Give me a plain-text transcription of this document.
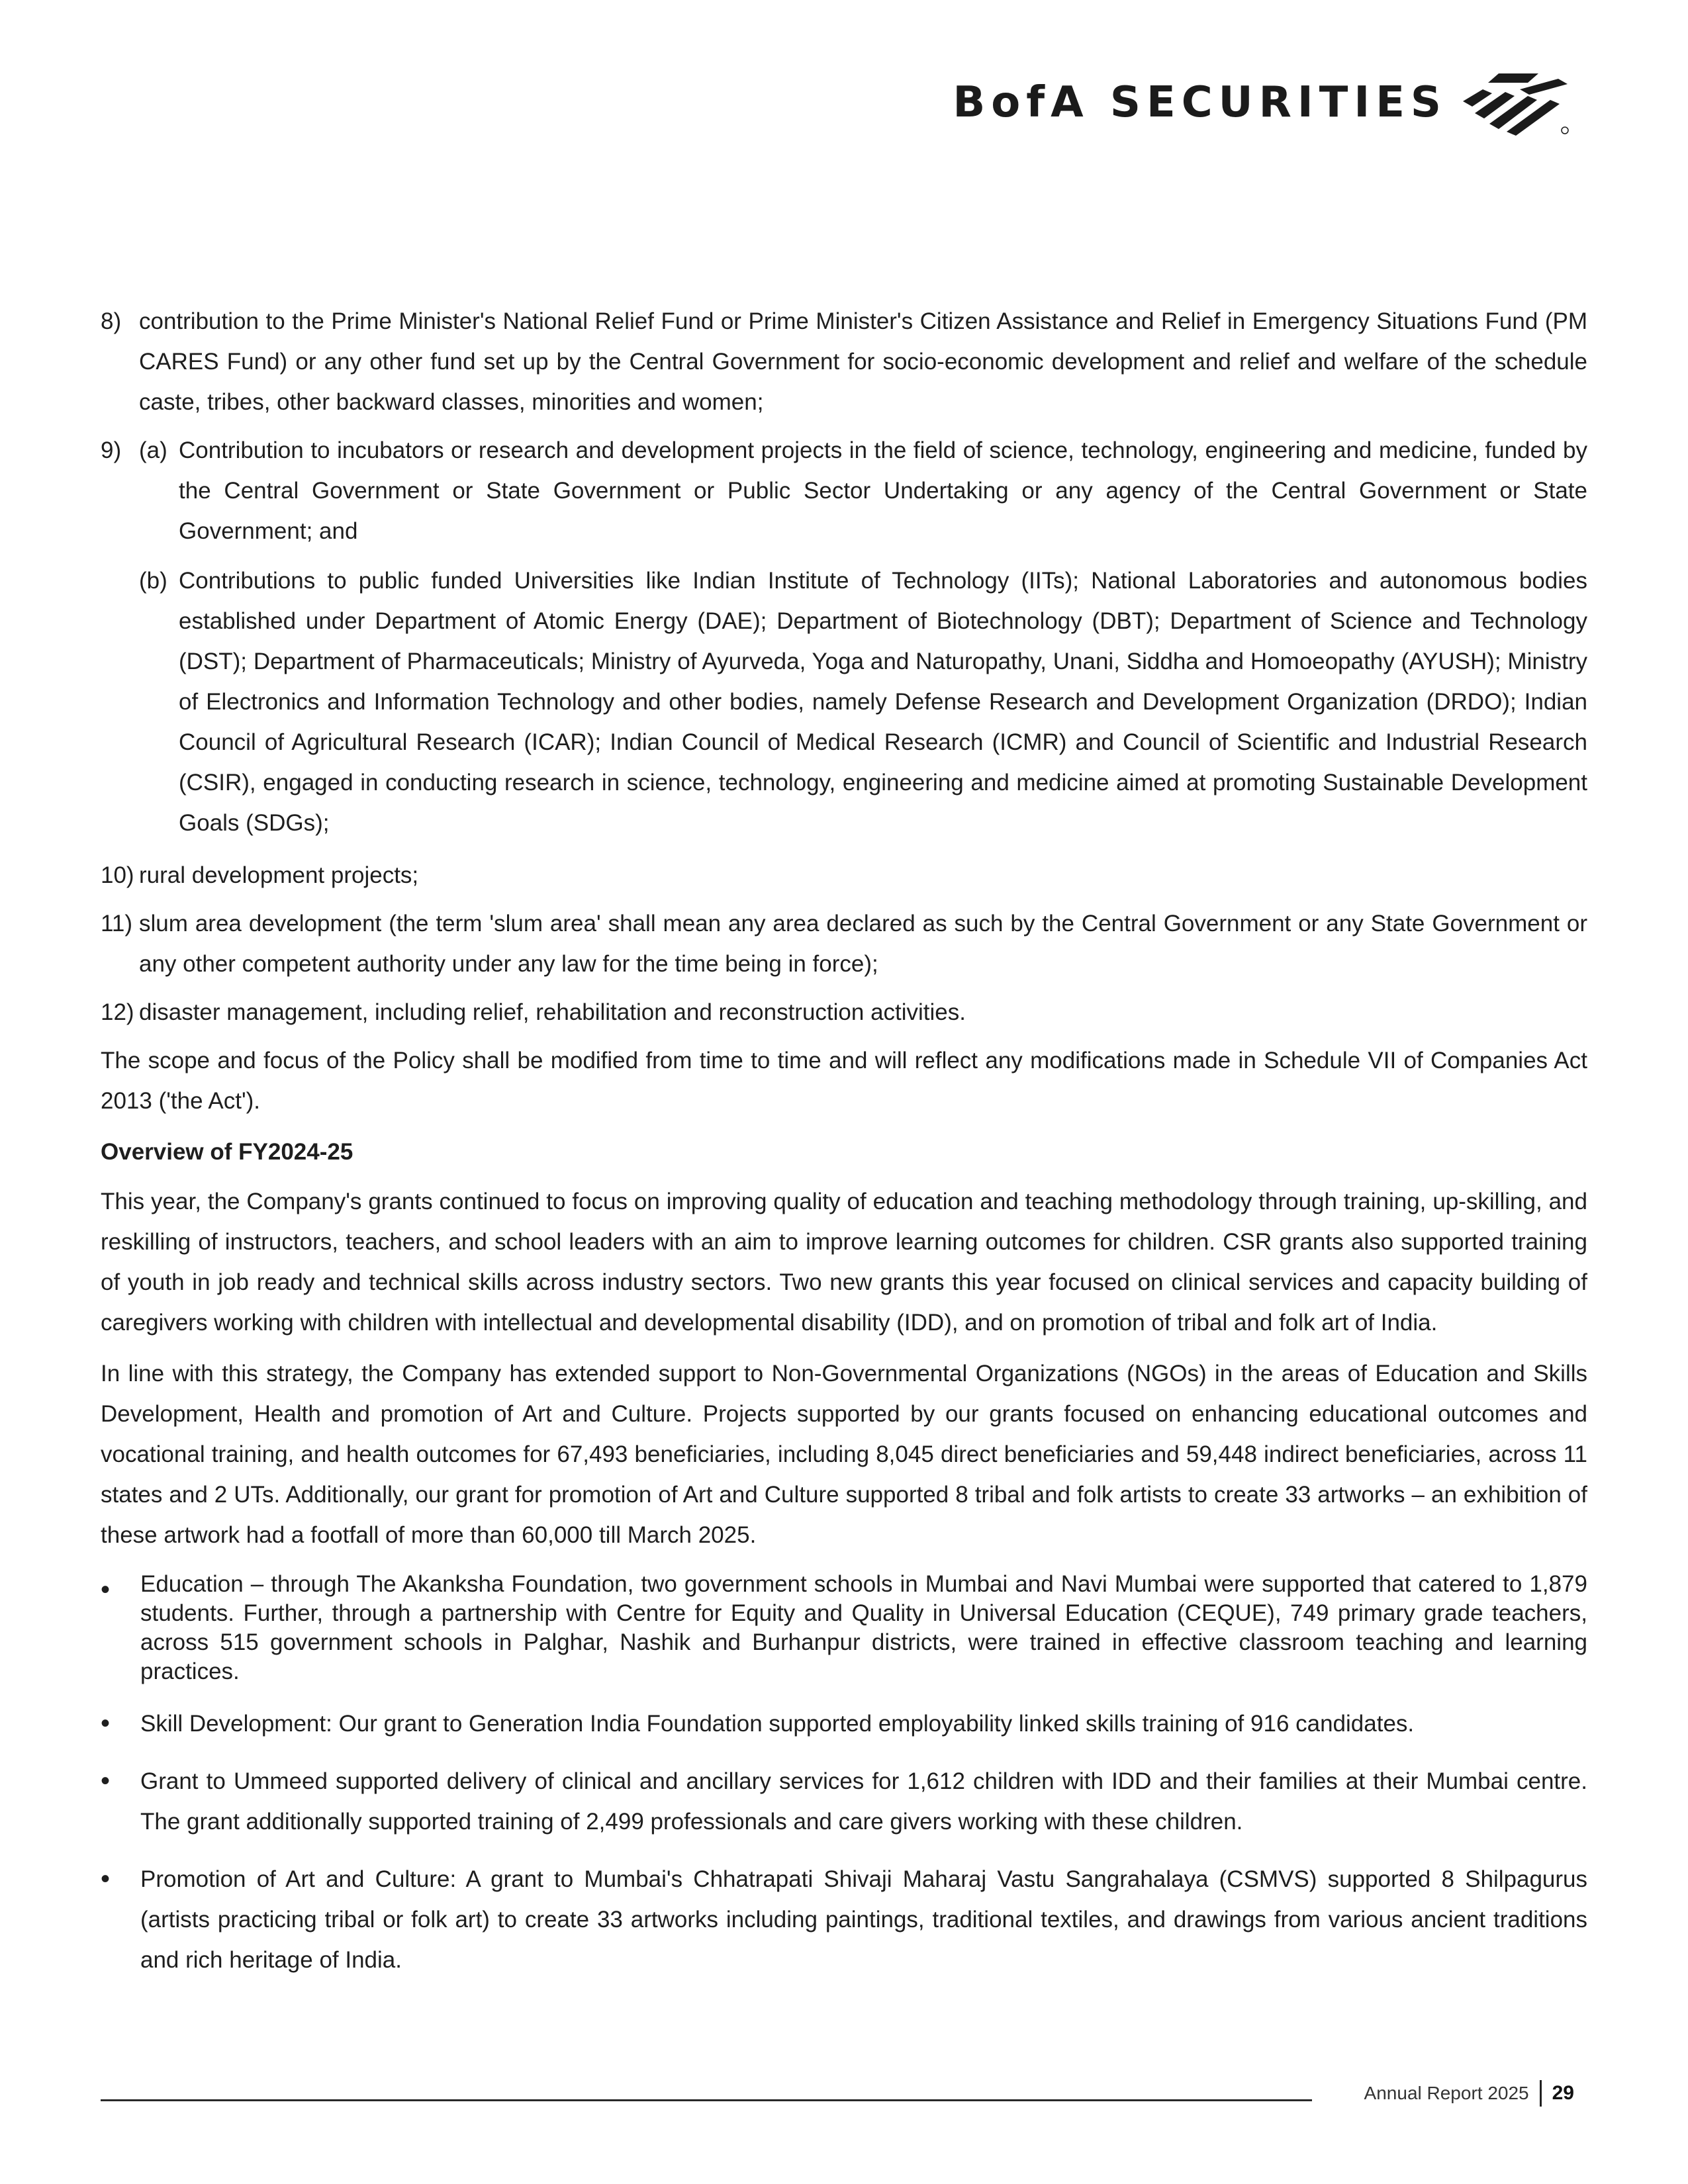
BofA SECURITIES
8) contribution to the Prime Minister's National Relief Fund or Prime Minister's Citizen Assistance and Relief in Emergency Situations Fund (PM CARES Fund) or any other fund set up by the Central Government for socio-economic development and relief and welfare of the schedule caste, tribes, other backward classes, minorities and women;
9) (a) Contribution to incubators or research and development projects in the field of science, technology, engineering and medicine, funded by the Central Government or State Government or Public Sector Undertaking or any agency of the Central Government or State Government; and
(b) Contributions to public funded Universities like Indian Institute of Technology (IITs); National Laboratories and autonomous bodies established under Department of Atomic Energy (DAE); Department of Biotechnology (DBT); Department of Science and Technology (DST); Department of Pharmaceuticals; Ministry of Ayurveda, Yoga and Naturopathy, Unani, Siddha and Homoeopathy (AYUSH); Ministry of Electronics and Information Technology and other bodies, namely Defense Research and Development Organization (DRDO); Indian Council of Agricultural Research (ICAR); Indian Council of Medical Research (ICMR) and Council of Scientific and Industrial Research (CSIR), engaged in conducting research in science, technology, engineering and medicine aimed at promoting Sustainable Development Goals (SDGs);
10) rural development projects;
11) slum area development (the term 'slum area' shall mean any area declared as such by the Central Government or any State Government or any other competent authority under any law for the time being in force);
12) disaster management, including relief, rehabilitation and reconstruction activities.

The scope and focus of the Policy shall be modified from time to time and will reflect any modifications made in Schedule VII of Companies Act 2013 ('the Act').

Overview of FY2024-25

This year, the Company's grants continued to focus on improving quality of education and teaching methodology through training, up-skilling, and reskilling of instructors, teachers, and school leaders with an aim to improve learning outcomes for children. CSR grants also supported training of youth in job ready and technical skills across industry sectors. Two new grants this year focused on clinical services and capacity building of caregivers working with children with intellectual and developmental disability (IDD), and on promotion of tribal and folk art of India.

In line with this strategy, the Company has extended support to Non-Governmental Organizations (NGOs) in the areas of Education and Skills Development, Health and promotion of Art and Culture. Projects supported by our grants focused on enhancing educational outcomes and vocational training, and health outcomes for 67,493 beneficiaries, including 8,045 direct beneficiaries and 59,448 indirect beneficiaries, across 11 states and 2 UTs. Additionally, our grant for promotion of Art and Culture supported 8 tribal and folk artists to create 33 artworks – an exhibition of these artwork had a footfall of more than 60,000 till March 2025.

•	Education – through The Akanksha Foundation, two government schools in Mumbai and Navi Mumbai were supported that catered to 1,879 students. Further, through a partnership with Centre for Equity and Quality in Universal Education (CEQUE), 749 primary grade teachers, across 515 government schools in Palghar, Nashik and Burhanpur districts, were trained in effective classroom teaching and learning practices.
•	Skill Development: Our grant to Generation India Foundation supported employability linked skills training of 916 candidates.
•	Grant to Ummeed supported delivery of clinical and ancillary services for 1,612 children with IDD and their families at their Mumbai centre. The grant additionally supported training of 2,499 professionals and care givers working with these children.
•	Promotion of Art and Culture: A grant to Mumbai's Chhatrapati Shivaji Maharaj Vastu Sangrahalaya (CSMVS) supported 8 Shilpagurus (artists practicing tribal or folk art) to create 33 artworks including paintings, traditional textiles, and drawings from various ancient traditions and rich heritage of India.
Annual Report 2025 29
